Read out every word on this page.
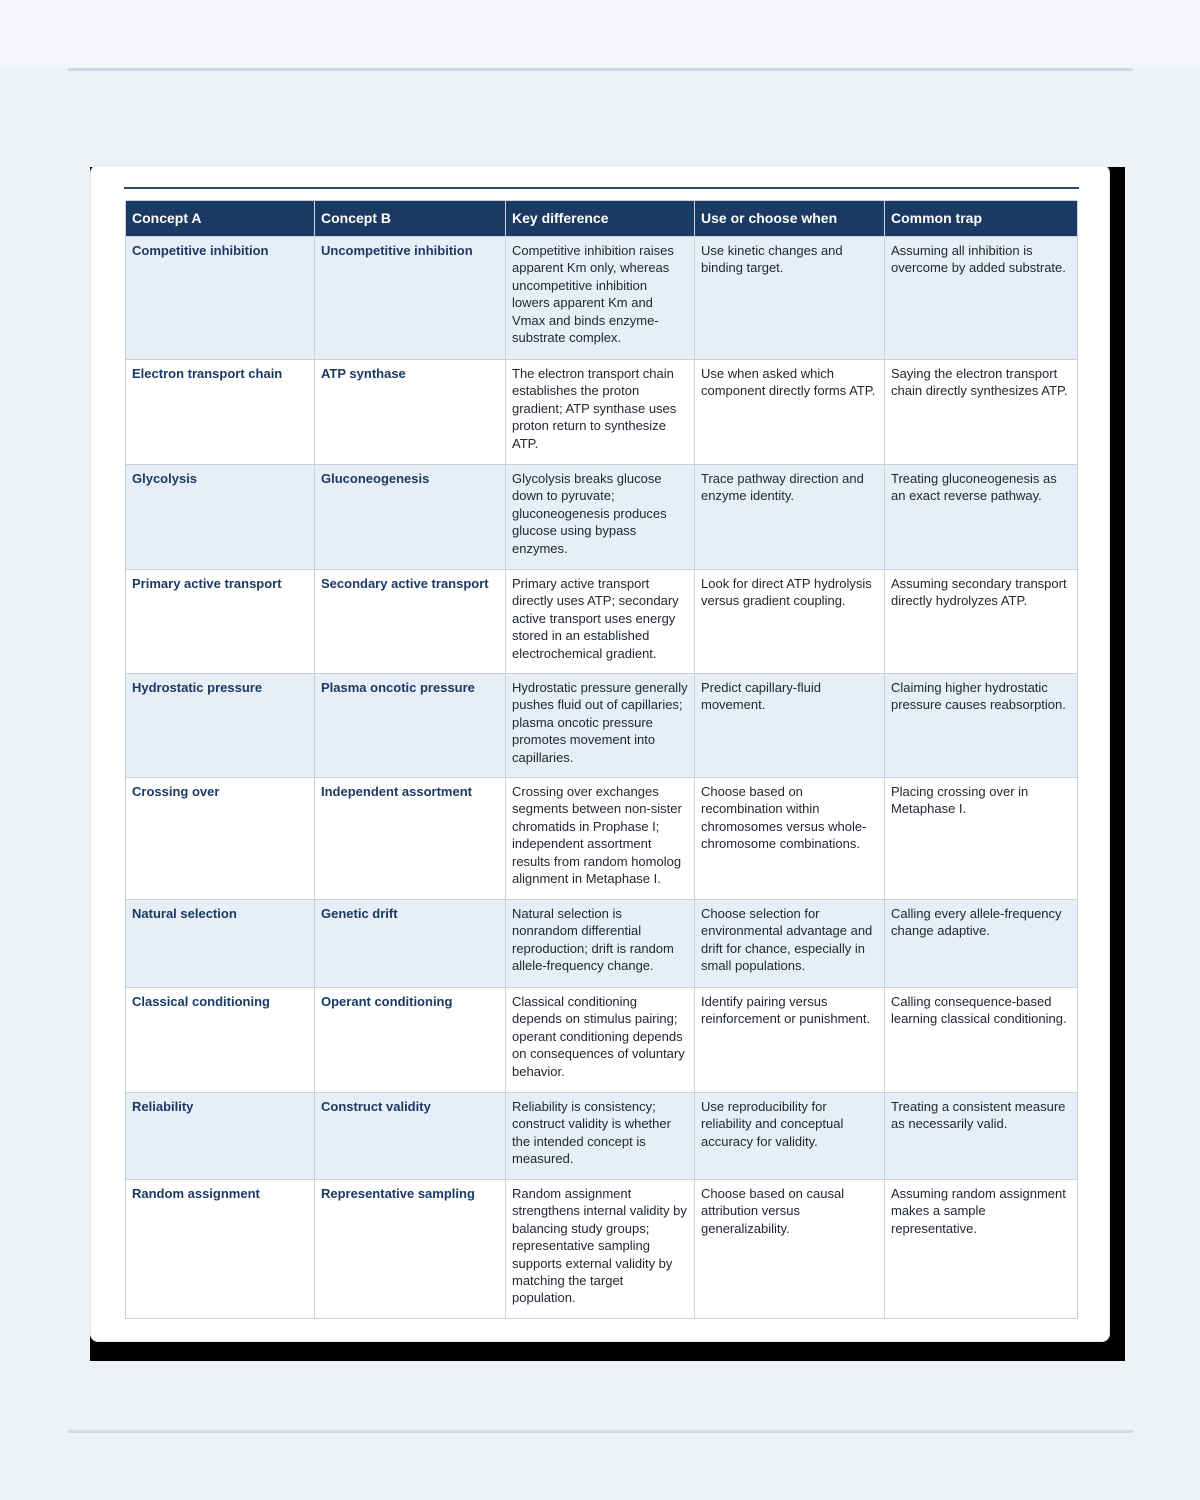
Concept A	Concept B	Key difference	Use or choose when	Common trap
Competitive inhibition	Uncompetitive inhibition	Competitive inhibition raises apparent Km only, whereas uncompetitive inhibition lowers apparent Km and Vmax and binds enzyme-substrate complex.	Use kinetic changes and binding target.	Assuming all inhibition is overcome by added substrate.
Electron transport chain	ATP synthase	The electron transport chain establishes the proton gradient; ATP synthase uses proton return to synthesize ATP.	Use when asked which component directly forms ATP.	Saying the electron transport chain directly synthesizes ATP.
Glycolysis	Gluconeogenesis	Glycolysis breaks glucose down to pyruvate; gluconeogenesis produces glucose using bypass enzymes.	Trace pathway direction and enzyme identity.	Treating gluconeogenesis as an exact reverse pathway.
Primary active transport	Secondary active transport	Primary active transport directly uses ATP; secondary active transport uses energy stored in an established electrochemical gradient.	Look for direct ATP hydrolysis versus gradient coupling.	Assuming secondary transport directly hydrolyzes ATP.
Hydrostatic pressure	Plasma oncotic pressure	Hydrostatic pressure generally pushes fluid out of capillaries; plasma oncotic pressure promotes movement into capillaries.	Predict capillary-fluid movement.	Claiming higher hydrostatic pressure causes reabsorption.
Crossing over	Independent assortment	Crossing over exchanges segments between non-sister chromatids in Prophase I; independent assortment results from random homolog alignment in Metaphase I.	Choose based on recombination within chromosomes versus whole-chromosome combinations.	Placing crossing over in Metaphase I.
Natural selection	Genetic drift	Natural selection is nonrandom differential reproduction; drift is random allele-frequency change.	Choose selection for environmental advantage and drift for chance, especially in small populations.	Calling every allele-frequency change adaptive.
Classical conditioning	Operant conditioning	Classical conditioning depends on stimulus pairing; operant conditioning depends on consequences of voluntary behavior.	Identify pairing versus reinforcement or punishment.	Calling consequence-based learning classical conditioning.
Reliability	Construct validity	Reliability is consistency; construct validity is whether the intended concept is measured.	Use reproducibility for reliability and conceptual accuracy for validity.	Treating a consistent measure as necessarily valid.
Random assignment	Representative sampling	Random assignment strengthens internal validity by balancing study groups; representative sampling supports external validity by matching the target population.	Choose based on causal attribution versus generalizability.	Assuming random assignment makes a sample representative.
